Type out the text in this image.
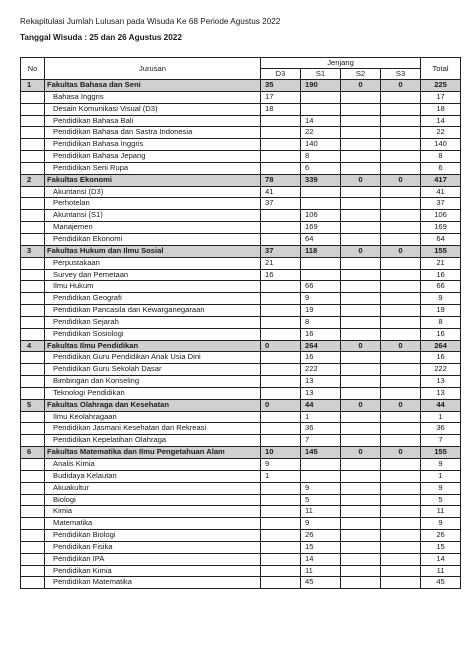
Rekapitulasi Jumlah Lulusan pada Wisuda Ke 68 Periode Agustus 2022
Tanggal Wisuda : 25 dan 26 Agustus 2022
No	Jurusan	Jenjang				Total
		D3	S1	S2	S3	
1	Fakultas Bahasa dan Seni	35	190	0	0	225
	Bahasa Inggris	17				17
	Desain Komunikasi Visual (D3)	18				18
	Pendidikan Bahasa Bali		14			14
	Pendidikan Bahasa dan Sastra Indonesia		22			22
	Pendidikan Bahasa Inggris		140			140
	Pendidikan Bahasa Jepang		8			8
	Pendidikan Seni Rupa		6			6
2	Fakultas Ekonomi	78	339	0	0	417
	Akuntansi (D3)	41				41
	Perhotelan	37				37
	Akuntansi (S1)		106			106
	Manajemen		169			169
	Pendidikan Ekonomi		64			64
3	Fakultas Hukum dan Ilmu Sosial	37	118	0	0	155
	Perpustakaan	21				21
	Survey dan Pemetaan	16				16
	Ilmu Hukum		66			66
	Pendidikan Geografi		9			9
	Pendidikan Pancasila dan Kewarganegaraan		19			19
	Pendidikan Sejarah		8			8
	Pendidikan Sosiologi		16			16
4	Fakultas Ilmu Pendidikan	0	264	0	0	264
	Pendidikan Guru Pendidikan Anak Usia Dini		16			16
	Pendidikan Guru Sekolah Dasar		222			222
	Bimbingan dan Konseling		13			13
	Teknologi Pendidikan		13			13
5	Fakultas Olahraga dan Kesehatan	0	44	0	0	44
	Ilmu Keolahragaan		1			1
	Pendidikan Jasmani Kesehatan dan Rekreasi		36			36
	Pendidikan Kepelatihan Olahraga		7			7
6	Fakultas Matematika dan Ilmu Pengetahuan Alam	10	145	0	0	155
	Analis Kimia	9				9
	Budidaya Kelautan	1				1
	Akuakultur		9			9
	Biologi		5			5
	Kimia		11			11
	Matematika		9			9
	Pendidikan Biologi		26			26
	Pendidikan Fisika		15			15
	Pendidikan IPA		14			14
	Pendidikan Kimia		11			11
	Pendidikan Matematika		45			45
